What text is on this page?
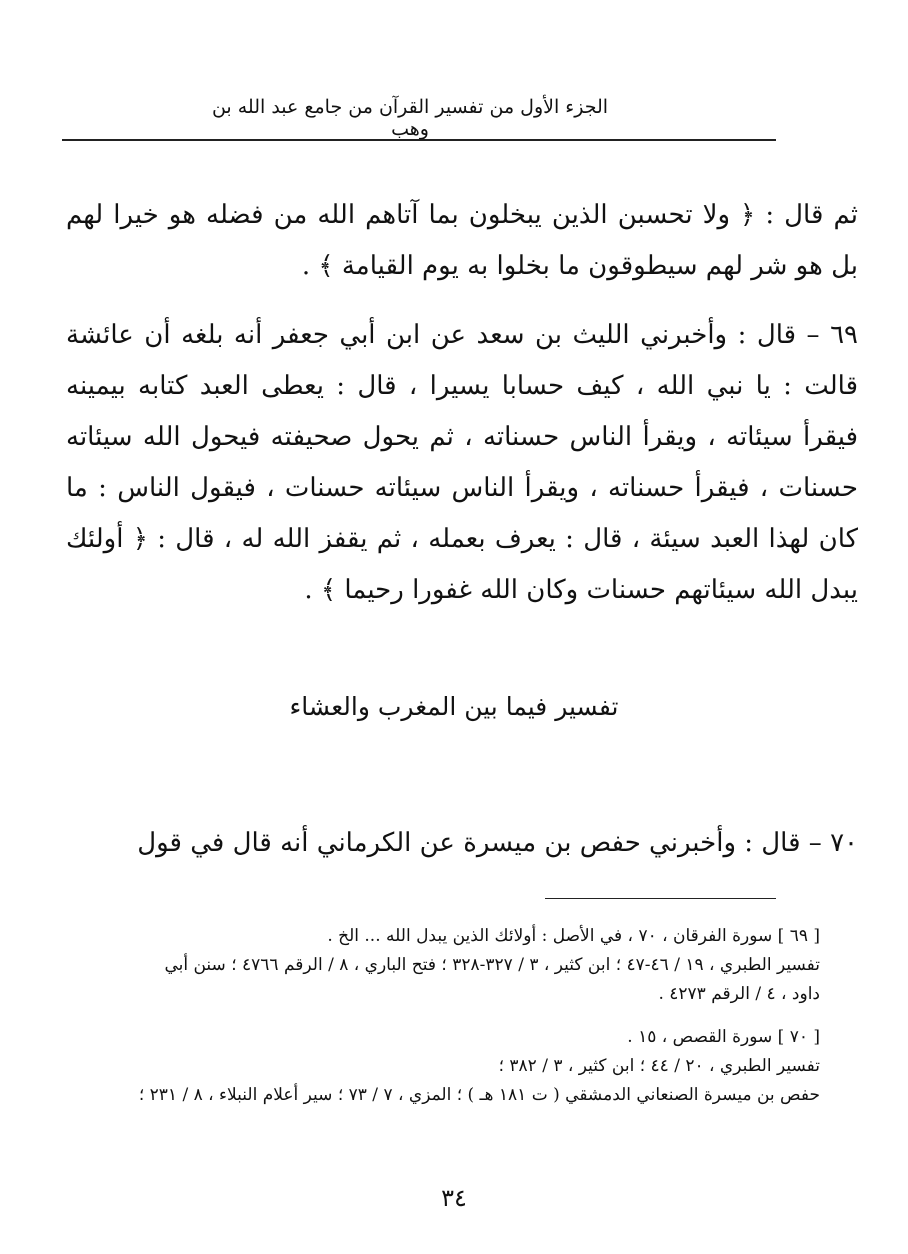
الجزء الأول من تفسير القرآن من جامع عبد الله بن وهب

ثم قال : ﴿ ولا تحسبن الذين يبخلون بما آتاهم الله من فضله هو خيرا لهم بل هو شر لهم سيطوقون ما بخلوا به يوم القيامة ﴾ .

٦٩ – قال : وأخبرني الليث بن سعد عن ابن أبي جعفر أنه بلغه أن عائشة قالت : يا نبي الله ، كيف حسابا يسيرا ، قال : يعطى العبد كتابه بيمينه فيقرأ سيئاته ، ويقرأ الناس حسناته ، ثم يحول صحيفته فيحول الله سيئاته حسنات ، فيقرأ حسناته ، ويقرأ الناس سيئاته حسنات ، فيقول الناس : ما كان لهذا العبد سيئة ، قال : يعرف بعمله ، ثم يقفز الله له ، قال : ﴿ أولئك يبدل الله سيئاتهم حسنات وكان الله غفورا رحيما ﴾ .

تفسير فيما بين المغرب والعشاء

٧٠ – قال : وأخبرني حفص بن ميسرة عن الكرماني أنه قال في قول

[ ٦٩ ] سورة الفرقان ، ٧٠ ، في الأصل : أولائك الذين يبدل الله ... الخ .
تفسير الطبري ، ١٩ / ٤٦-٤٧ ؛ ابن كثير ، ٣ / ٣٢٧-٣٢٨ ؛ فتح الباري ، ٨ / الرقم ٤٧٦٦ ؛ سنن أبي
داود ، ٤ / الرقم ٤٢٧٣ .
[ ٧٠ ] سورة القصص ، ١٥ .
تفسير الطبري ، ٢٠ / ٤٤ ؛ ابن كثير ، ٣ / ٣٨٢ ؛
حفص بن ميسرة الصنعاني الدمشقي ( ت ١٨١ هـ ) ؛ المزي ، ٧ / ٧٣ ؛ سير أعلام النبلاء ، ٨ / ٢٣١ ؛
٣٤
